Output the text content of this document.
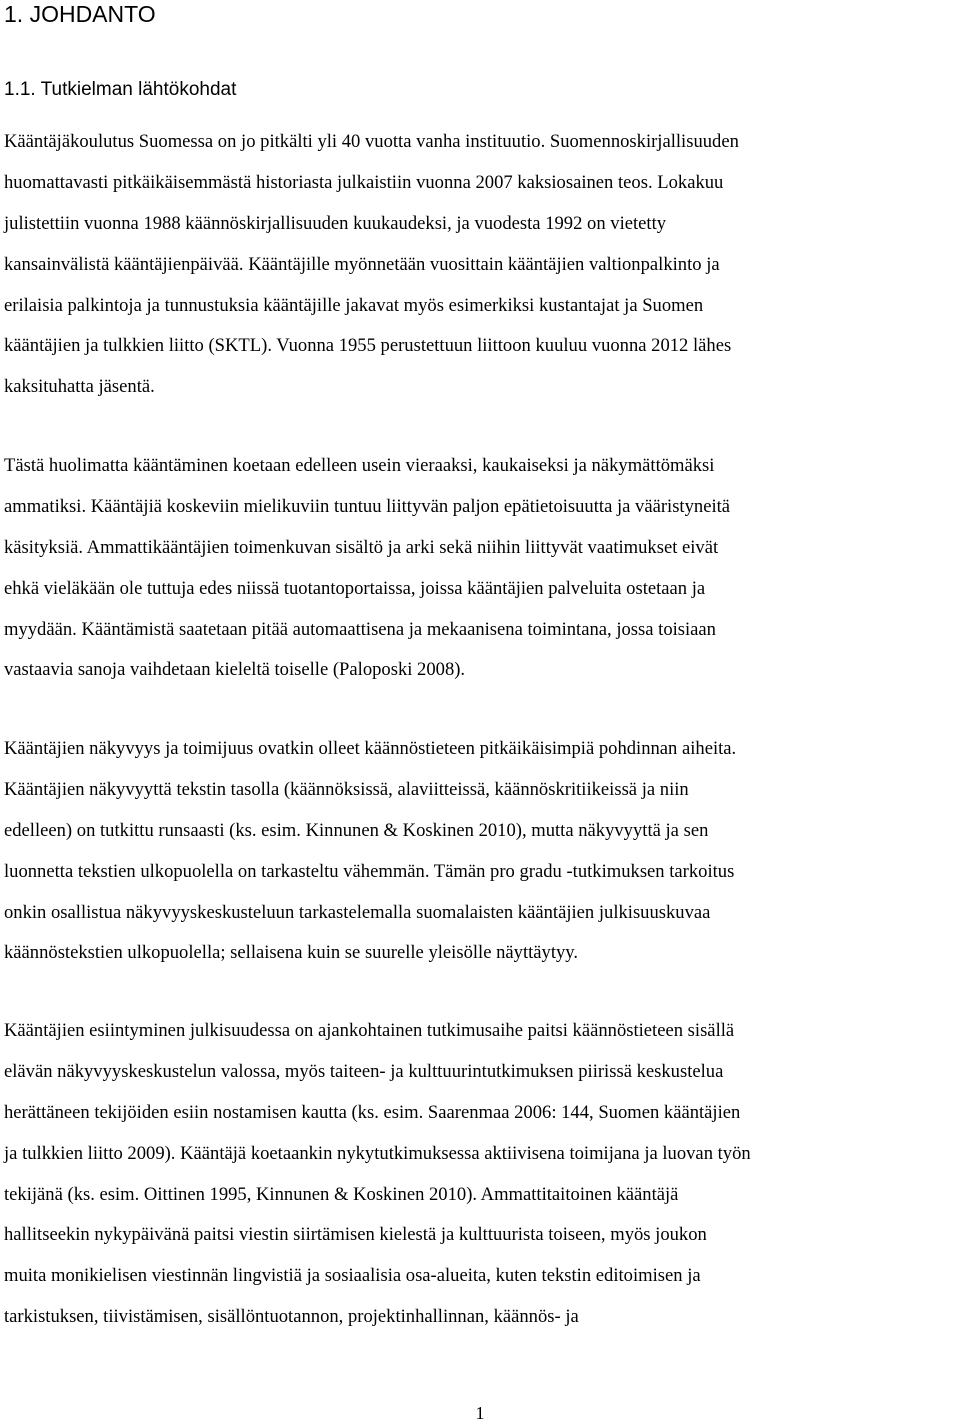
1. JOHDANTO
1.1. Tutkielman lähtökohdat

Kääntäjäkoulutus Suomessa on jo pitkälti yli 40 vuotta vanha instituutio. Suomennoskirjallisuuden
huomattavasti pitkäikäisemmästä historiasta julkaistiin vuonna 2007 kaksiosainen teos. Lokakuu
julistettiin vuonna 1988 käännöskirjallisuuden kuukaudeksi, ja vuodesta 1992 on vietetty
kansainvälistä kääntäjienpäivää. Kääntäjille myönnetään vuosittain kääntäjien valtionpalkinto ja
erilaisia palkintoja ja tunnustuksia kääntäjille jakavat myös esimerkiksi kustantajat ja Suomen
kääntäjien ja tulkkien liitto (SKTL). Vuonna 1955 perustettuun liittoon kuuluu vuonna 2012 lähes
kaksituhatta jäsentä.

Tästä huolimatta kääntäminen koetaan edelleen usein vieraaksi, kaukaiseksi ja näkymättömäksi
ammatiksi. Kääntäjiä koskeviin mielikuviin tuntuu liittyvän paljon epätietoisuutta ja vääristyneitä
käsityksiä. Ammattikääntäjien toimenkuvan sisältö ja arki sekä niihin liittyvät vaatimukset eivät
ehkä vieläkään ole tuttuja edes niissä tuotantoportaissa, joissa kääntäjien palveluita ostetaan ja
myydään. Kääntämistä saatetaan pitää automaattisena ja mekaanisena toimintana, jossa toisiaan
vastaavia sanoja vaihdetaan kieleltä toiselle (Paloposki 2008).

Kääntäjien näkyvyys ja toimijuus ovatkin olleet käännöstieteen pitkäikäisimpiä pohdinnan aiheita.
Kääntäjien näkyvyyttä tekstin tasolla (käännöksissä, alaviitteissä, käännöskritiikeissä ja niin
edelleen) on tutkittu runsaasti (ks. esim. Kinnunen & Koskinen 2010), mutta näkyvyyttä ja sen
luonnetta tekstien ulkopuolella on tarkasteltu vähemmän. Tämän pro gradu -tutkimuksen tarkoitus
onkin osallistua näkyvyyskeskusteluun tarkastelemalla suomalaisten kääntäjien julkisuuskuvaa
käännöstekstien ulkopuolella; sellaisena kuin se suurelle yleisölle näyttäytyy.

Kääntäjien esiintyminen julkisuudessa on ajankohtainen tutkimusaihe paitsi käännöstieteen sisällä
elävän näkyvyyskeskustelun valossa, myös taiteen- ja kulttuurintutkimuksen piirissä keskustelua
herättäneen tekijöiden esiin nostamisen kautta (ks. esim. Saarenmaa 2006: 144, Suomen kääntäjien
ja tulkkien liitto 2009). Kääntäjä koetaankin nykytutkimuksessa aktiivisena toimijana ja luovan työn
tekijänä (ks. esim. Oittinen 1995, Kinnunen & Koskinen 2010). Ammattitaitoinen kääntäjä
hallitseekin nykypäivänä paitsi viestin siirtämisen kielestä ja kulttuurista toiseen, myös joukon
muita monikielisen viestinnän lingvistiä ja sosiaalisia osa-alueita, kuten tekstin editoimisen ja
tarkistuksen, tiivistämisen, sisällöntuotannon, projektinhallinnan, käännös- ja

1
